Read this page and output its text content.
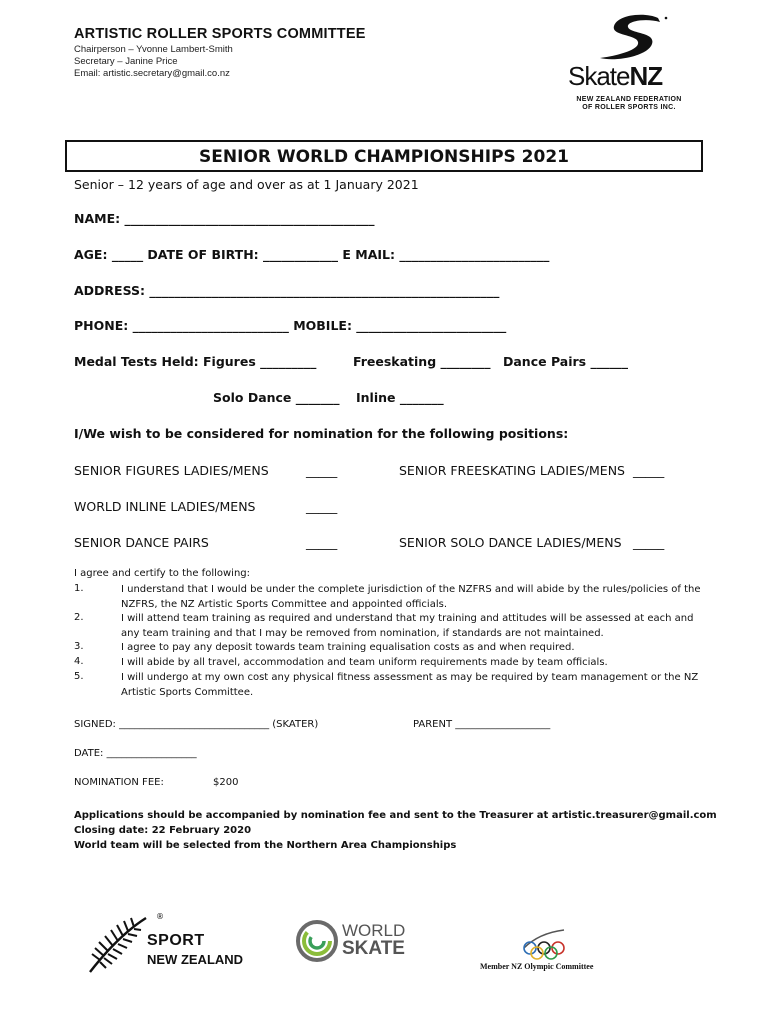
ARTISTIC ROLLER SPORTS COMMITTEE
Chairperson – Yvonne Lambert-Smith
Secretary – Janine Price
Email: artistic.secretary@gmail.co.nz	SkateNZ
NEW ZEALAND FEDERATION
OF ROLLER SPORTS INC.
SENIOR WORLD CHAMPIONSHIPS 2021
Senior – 12 years of age and over as at 1 January 2021
NAME: ________________________________________
AGE: _____ DATE OF BIRTH: ____________ E MAIL: ________________________
ADDRESS: ________________________________________________________
PHONE: _________________________ MOBILE: ________________________
Medal Tests Held: Figures _________	Freeskating ________ Dance Pairs ______
Solo Dance _______ Inline _______
I/We wish to be considered for nomination for the following positions:
SENIOR FIGURES LADIES/MENS	_____	SENIOR FREESKATING LADIES/MENS _____
WORLD INLINE LADIES/MENS	_____
SENIOR DANCE PAIRS	_____	SENIOR SOLO DANCE LADIES/MENS _____
I agree and certify to the following:
1.	I understand that I would be under the complete jurisdiction of the NZFRS and will abide by the rules/policies of the NZFRS, the NZ Artistic Sports Committee and appointed officials.
2.	I will attend team training as required and understand that my training and attitudes will be assessed at each and any team training and that I may be removed from nomination, if standards are not maintained.
3.	I agree to pay any deposit towards team training equalisation costs as and when required.
4.	I will abide by all travel, accommodation and team uniform requirements made by team officials.
5.	I will undergo at my own cost any physical fitness assessment as may be required by team management or the NZ Artistic Sports Committee.
SIGNED: ______________________________ (SKATER)	PARENT ___________________
DATE: __________________
NOMINATION FEE:	$200
Applications should be accompanied by nomination fee and sent to the Treasurer at artistic.treasurer@gmail.com
Closing date: 22 February 2020
World team will be selected from the Northern Area Championships
®
SPORT
NEW ZEALAND
WORLD
SKATE
Member NZ Olympic Committee
